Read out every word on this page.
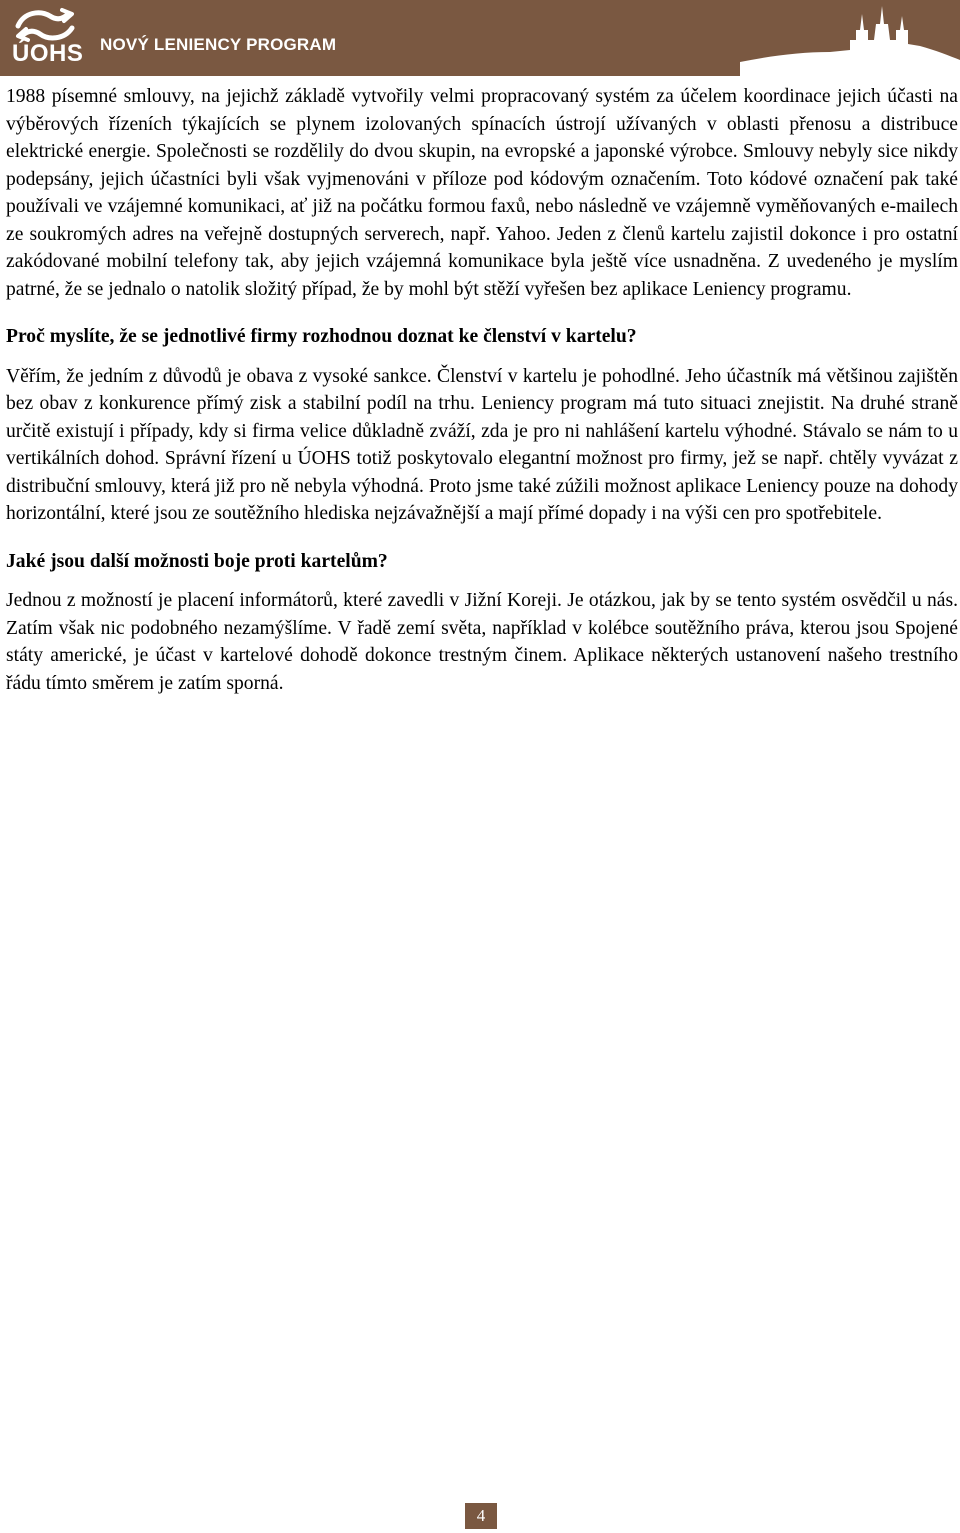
ÚOHS NOVÝ LENIENCY PROGRAM

1988 písemné smlouvy, na jejichž základě vytvořily velmi propracovaný systém za účelem koordinace jejich účasti na výběrových řízeních týkajících se plynem izolovaných spínacích ústrojí užívaných v oblasti přenosu a distribuce elektrické energie. Společnosti se rozdělily do dvou skupin, na evropské a japonské výrobce. Smlouvy nebyly sice nikdy podepsány, jejich účastníci byli však vyjmenováni v příloze pod kódovým označením. Toto kódové označení pak také používali ve vzájemné komunikaci, ať již na počátku formou faxů, nebo následně ve vzájemně vyměňovaných e-mailech ze soukromých adres na veřejně dostupných serverech, např. Yahoo. Jeden z členů kartelu zajistil dokonce i pro ostatní zakódované mobilní telefony tak, aby jejich vzájemná komunikace byla ještě více usnadněna. Z uvedeného je myslím patrné, že se jednalo o natolik složitý případ, že by mohl být stěží vyřešen bez aplikace Leniency programu.

Proč myslíte, že se jednotlivé firmy rozhodnou doznat ke členství v kartelu?

Věřím, že jedním z důvodů je obava z vysoké sankce. Členství v kartelu je pohodlné. Jeho účastník má většinou zajištěn bez obav z konkurence přímý zisk a stabilní podíl na trhu. Leniency program má tuto situaci znejistit. Na druhé straně určitě existují i případy, kdy si firma velice důkladně zváží, zda je pro ni nahlášení kartelu výhodné. Stávalo se nám to u vertikálních dohod. Správní řízení u ÚOHS totiž poskytovalo elegantní možnost pro firmy, jež se např. chtěly vyvázat z distribuční smlouvy, která již pro ně nebyla výhodná. Proto jsme také zúžili možnost aplikace Leniency pouze na dohody horizontální, které jsou ze soutěžního hlediska nejzávažnější a mají přímé dopady i na výši cen pro spotřebitele.

Jaké jsou další možnosti boje proti kartelům?

Jednou z možností je placení informátorů, které zavedli v Jižní Koreji. Je otázkou, jak by se tento systém osvědčil u nás. Zatím však nic podobného nezamýšlíme. V řadě zemí světa, například v kolébce soutěžního práva, kterou jsou Spojené státy americké, je účast v kartelové dohodě dokonce trestným činem. Aplikace některých ustanovení našeho trestního řádu tímto směrem je zatím sporná.

4
